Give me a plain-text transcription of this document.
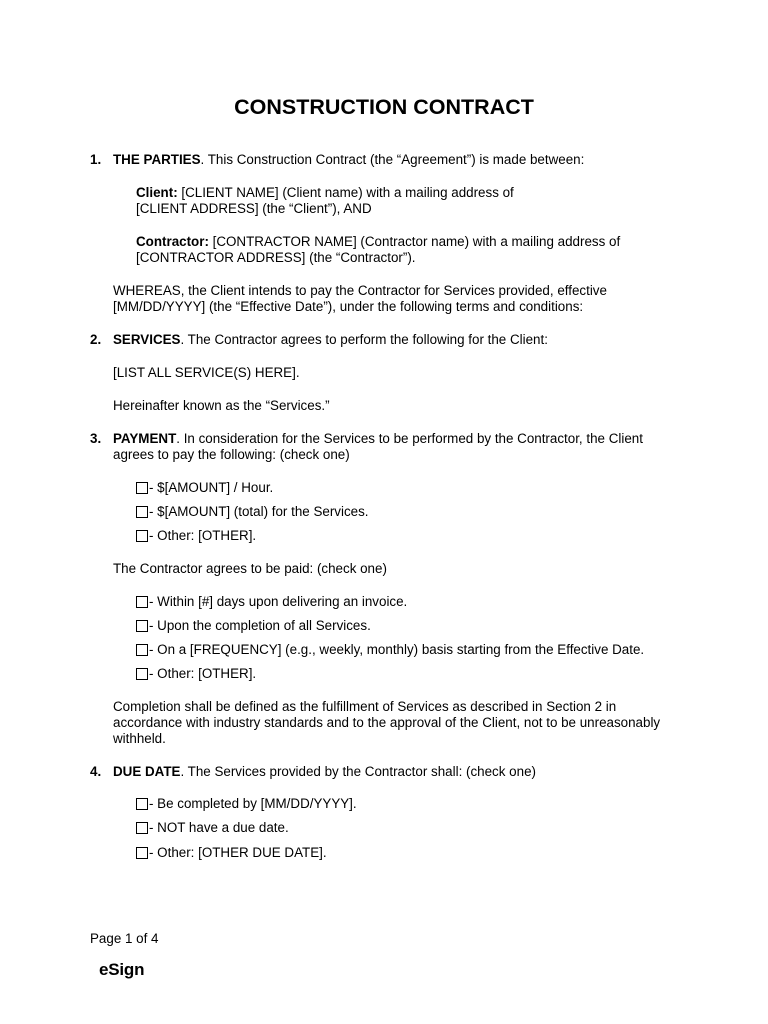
CONSTRUCTION CONTRACT
1. THE PARTIES. This Construction Contract (the “Agreement”) is made between:
Client: [CLIENT NAME] (Client name) with a mailing address of
[CLIENT ADDRESS] (the “Client”), AND
Contractor: [CONTRACTOR NAME] (Contractor name) with a mailing address of
[CONTRACTOR ADDRESS] (the “Contractor”).
WHEREAS, the Client intends to pay the Contractor for Services provided, effective
[MM/DD/YYYY] (the “Effective Date”), under the following terms and conditions:
2. SERVICES. The Contractor agrees to perform the following for the Client:
[LIST ALL SERVICE(S) HERE].
Hereinafter known as the “Services.”
3. PAYMENT. In consideration for the Services to be performed by the Contractor, the Client
agrees to pay the following: (check one)
- $[AMOUNT] / Hour.
- $[AMOUNT] (total) for the Services.
- Other: [OTHER].
The Contractor agrees to be paid: (check one)
- Within [#] days upon delivering an invoice.
- Upon the completion of all Services.
- On a [FREQUENCY] (e.g., weekly, monthly) basis starting from the Effective Date.
- Other: [OTHER].
Completion shall be defined as the fulfillment of Services as described in Section 2 in
accordance with industry standards and to the approval of the Client, not to be unreasonably
withheld.
4. DUE DATE. The Services provided by the Contractor shall: (check one)
- Be completed by [MM/DD/YYYY].
- NOT have a due date.
- Other: [OTHER DUE DATE].
Page 1 of 4
eSign
